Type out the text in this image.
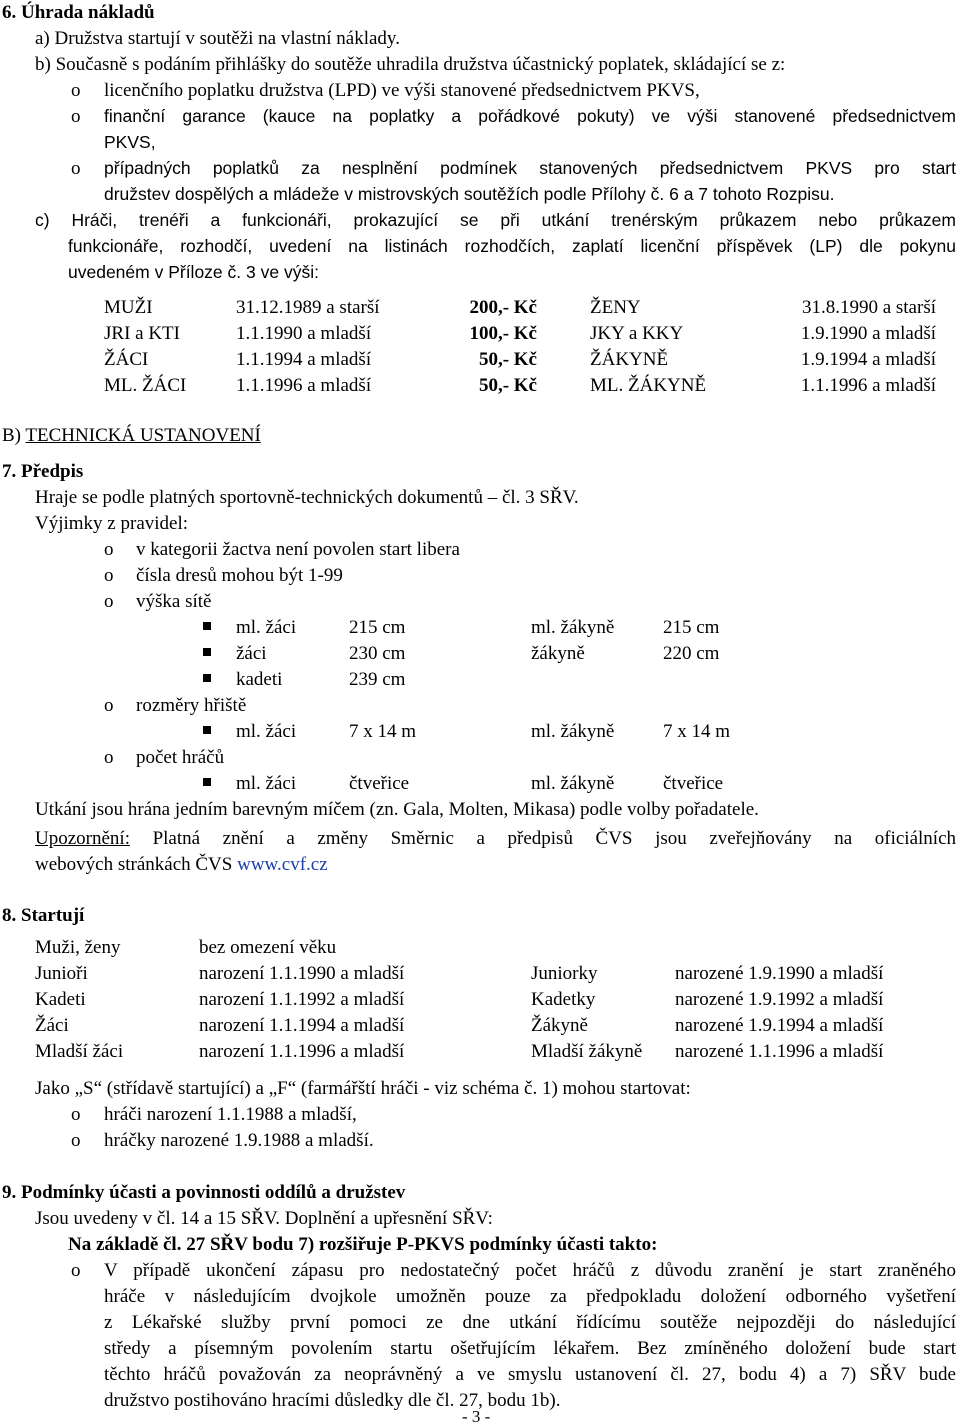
6. Úhrada nákladů
a) Družstva startují v soutěži na vlastní náklady.
b) Současně s podáním přihlášky do soutěže uhradila družstva účastnický poplatek, skládající se z:
o licenčního poplatku družstva (LPD) ve výši stanovené předsednictvem PKVS,
o finanční garance (kauce na poplatky a pořádkové pokuty) ve výši stanovené předsednictvem
PKVS,
o případných poplatků za nesplnění podmínek stanovených předsednictvem PKVS pro start
družstev dospělých a mládeže v mistrovských soutěžích podle Přílohy č. 6 a 7 tohoto Rozpisu.
c) Hráči, trenéři a funkcionáři, prokazující se při utkání trenérským průkazem nebo průkazem
funkcionáře, rozhodčí, uvedení na listinách rozhodčích, zaplatí licenční příspěvek (LP) dle pokynu
uvedeném v Příloze č. 3 ve výši:
MUŽI	31.12.1989 a starší	200,- Kč	ŽENY	31.8.1990 a starší
JRI a KTI	1.1.1990 a mladší	100,- Kč	JKY a KKY	1.9.1990 a mladší
ŽÁCI	1.1.1994 a mladší	50,- Kč	ŽÁKYNĚ	1.9.1994 a mladší
ML. ŽÁCI	1.1.1996 a mladší	50,- Kč	ML. ŽÁKYNĚ	1.1.1996 a mladší
B) TECHNICKÁ USTANOVENÍ
7. Předpis
Hraje se podle platných sportovně-technických dokumentů – čl. 3 SŘV.
Výjimky z pravidel:
o v kategorii žactva není povolen start libera
o čísla dresů mohou být 1-99
o výška sítě
ml. žáci	215 cm	ml. žákyně	215 cm
žáci	230 cm	žákyně	220 cm
kadeti	239 cm
o rozměry hřiště
ml. žáci	7 x 14 m	ml. žákyně	7 x 14 m
o počet hráčů
ml. žáci	čtveřice	ml. žákyně	čtveřice
Utkání jsou hrána jedním barevným míčem (zn. Gala, Molten, Mikasa) podle volby pořadatele.
Upozornění: Platná znění a změny Směrnic a předpisů ČVS jsou zveřejňovány na oficiálních
webových stránkách ČVS www.cvf.cz
8. Startují
Muži, ženy	bez omezení věku
Junioři	narození 1.1.1990 a mladší	Juniorky	narozené 1.9.1990 a mladší
Kadeti	narození 1.1.1992 a mladší	Kadetky	narozené 1.9.1992 a mladší
Žáci	narození 1.1.1994 a mladší	Žákyně	narozené 1.9.1994 a mladší
Mladší žáci	narození 1.1.1996 a mladší	Mladší žákyně narozené 1.1.1996 a mladší
Jako „S“ (střídavě startující) a „F“ (farmářští hráči - viz schéma č. 1) mohou startovat:
o hráči narození 1.1.1988 a mladší,
o hráčky narozené 1.9.1988 a mladší.
9. Podmínky účasti a povinnosti oddílů a družstev
Jsou uvedeny v čl. 14 a 15 SŘV. Doplnění a upřesnění SŘV:
Na základě čl. 27 SŘV bodu 7) rozšiřuje P-PKVS podmínky účasti takto:
o V případě ukončení zápasu pro nedostatečný počet hráčů z důvodu zranění je start zraněného
hráče v následujícím dvojkole umožněn pouze za předpokladu doložení odborného vyšetření
z Lékařské služby první pomoci ze dne utkání řídícímu soutěže nejpozději do následující
středy a písemným povolením startu ošetřujícím lékařem. Bez zmíněného doložení bude start
těchto hráčů považován za neoprávněný a ve smyslu ustanovení čl. 27, bodu 4) a 7) SŘV bude
družstvo postihováno hracími důsledky dle čl. 27, bodu 1b).
- 3 -
